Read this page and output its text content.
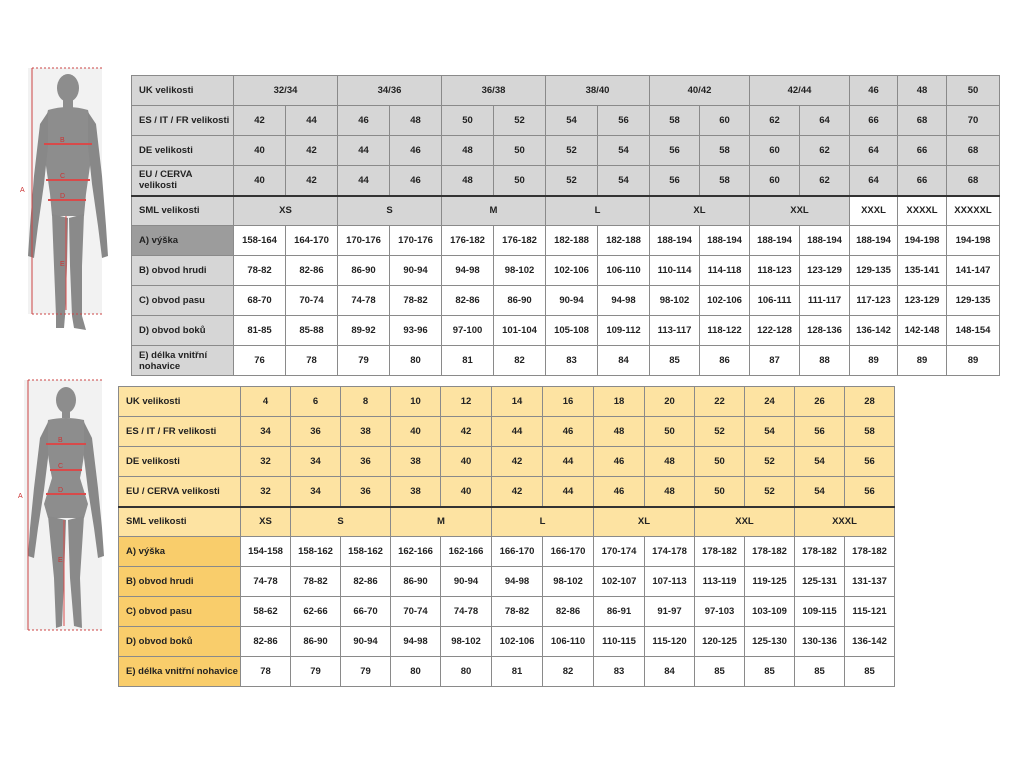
A
B
C
D
E
UK velikosti	32/34		34/36		36/38		38/40		40/42		42/44		46	48	50
ES / IT / FR velikosti	42	44	46	48	50	52	54	56	58	60	62	64	66	68	70
DE velikosti	40	42	44	46	48	50	52	54	56	58	60	62	64	66	68
EU / CERVA velikosti	40	42	44	46	48	50	52	54	56	58	60	62	64	66	68
SML velikosti	XS		S		M		L		XL		XXL		XXXL	XXXXL	XXXXXL
A) výška	158-164	164-170	170-176	170-176	176-182	176-182	182-188	182-188	188-194	188-194	188-194	188-194	188-194	194-198	194-198
B) obvod hrudi	78-82	82-86	86-90	90-94	94-98	98-102	102-106	106-110	110-114	114-118	118-123	123-129	129-135	135-141	141-147
C) obvod pasu	68-70	70-74	74-78	78-82	82-86	86-90	90-94	94-98	98-102	102-106	106-111	111-117	117-123	123-129	129-135
D) obvod boků	81-85	85-88	89-92	93-96	97-100	101-104	105-108	109-112	113-117	118-122	122-128	128-136	136-142	142-148	148-154
E) délka vnitřní nohavice	76	78	79	80	81	82	83	84	85	86	87	88	89	89	89
A
B
C
D
E
UK velikosti	4	6	8	10	12	14	16	18	20	22	24	26	28
ES / IT / FR velikosti	34	36	38	40	42	44	46	48	50	52	54	56	58
DE velikosti	32	34	36	38	40	42	44	46	48	50	52	54	56
EU / CERVA velikosti	32	34	36	38	40	42	44	46	48	50	52	54	56
SML velikosti	XS	S		M		L		XL		XXL		XXXL	
A) výška	154-158	158-162	158-162	162-166	162-166	166-170	166-170	170-174	174-178	178-182	178-182	178-182	178-182
B) obvod hrudi	74-78	78-82	82-86	86-90	90-94	94-98	98-102	102-107	107-113	113-119	119-125	125-131	131-137
C) obvod pasu	58-62	62-66	66-70	70-74	74-78	78-82	82-86	86-91	91-97	97-103	103-109	109-115	115-121
D) obvod boků	82-86	86-90	90-94	94-98	98-102	102-106	106-110	110-115	115-120	120-125	125-130	130-136	136-142
E) délka vnitřní nohavice	78	79	79	80	80	81	82	83	84	85	85	85	85
